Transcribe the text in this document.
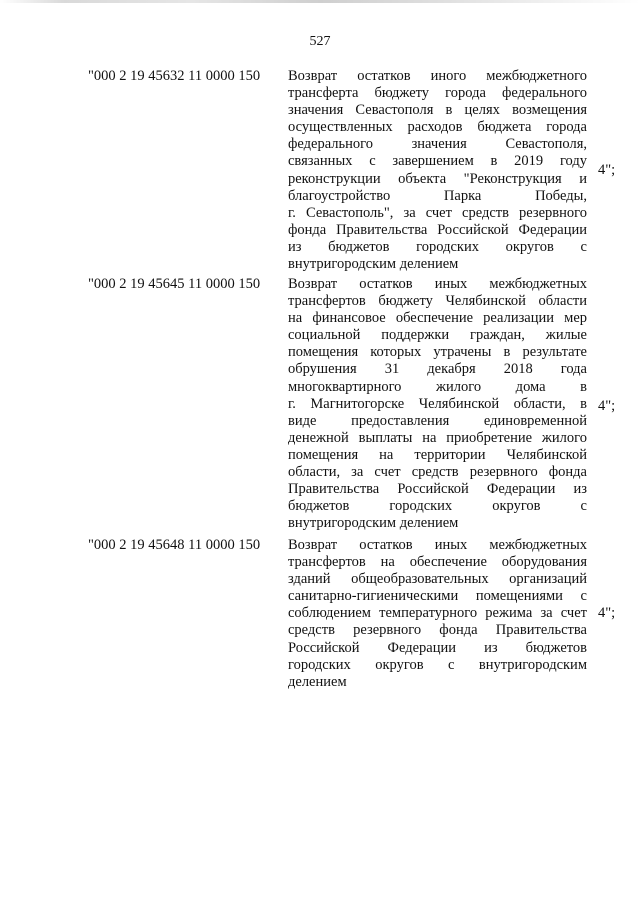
527
"000 2 19 45632 11 0000 150 Возврат остатков иного межбюджетного
трансферта бюджету города федерального
значения Севастополя в целях возмещения
осуществленных расходов бюджета города
федерального значения Севастополя,
связанных с завершением в 2019 году
реконструкции объекта "Реконструкция и
благоустройство Парка Победы,
г. Севастополь", за счет средств резервного
фонда Правительства Российской Федерации
из бюджетов городских округов с
внутригородским делением
4";
"000 2 19 45645 11 0000 150 Возврат остатков иных межбюджетных
трансфертов бюджету Челябинской области
на финансовое обеспечение реализации мер
социальной поддержки граждан, жилые
помещения которых утрачены в результате
обрушения 31 декабря 2018 года
многоквартирного жилого дома в
г. Магнитогорске Челябинской области, в
виде предоставления единовременной
денежной выплаты на приобретение жилого
помещения на территории Челябинской
области, за счет средств резервного фонда
Правительства Российской Федерации из
бюджетов городских округов с
внутригородским делением
4";
"000 2 19 45648 11 0000 150 Возврат остатков иных межбюджетных
трансфертов на обеспечение оборудования
зданий общеобразовательных организаций
санитарно-гигиеническими помещениями с
соблюдением температурного режима за счет
средств резервного фонда Правительства
Российской Федерации из бюджетов
городских округов с внутригородским
делением
4";
